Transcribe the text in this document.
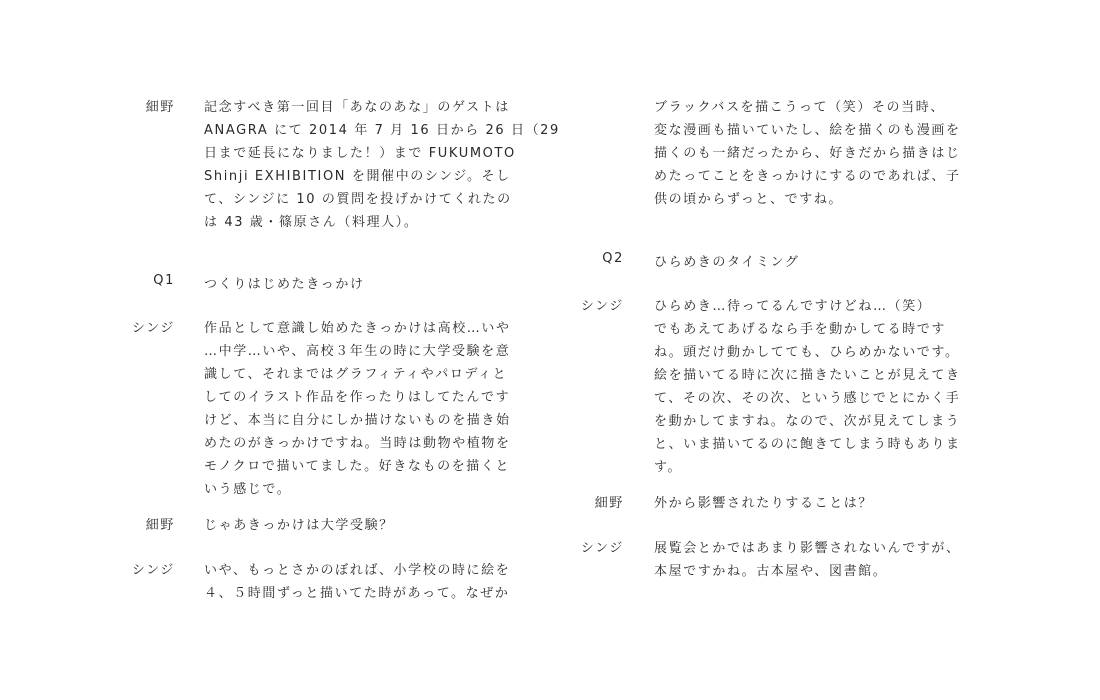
細野 記念すべき第一回目「あなのあな」のゲストは
ANAGRA にて 2014 年 7 月 16 日から 26 日（29
日まで延長になりました！）まで FUKUMOTO
Shinji EXHIBITION を開催中のシンジ。そし
て、シンジに 10 の質問を投げかけてくれたの
は 43 歳・篠原さん（料理人）。
Q1 つくりはじめたきっかけ
シンジ 作品として意識し始めたきっかけは高校…いや
…中学…いや、高校３年生の時に大学受験を意
識して、それまではグラフィティやパロディと
してのイラスト作品を作ったりはしてたんです
けど、本当に自分にしか描けないものを描き始
めたのがきっかけですね。当時は動物や植物を
モノクロで描いてました。好きなものを描くと
いう感じで。
細野 じゃあきっかけは大学受験？
シンジ いや、もっとさかのぼれば、小学校の時に絵を
４、５時間ずっと描いてた時があって。なぜか
ブラックバスを描こうって（笑）その当時、
変な漫画も描いていたし、絵を描くのも漫画を
描くのも一緒だったから、好きだから描きはじ
めたってことをきっかけにするのであれば、子
供の頃からずっと、ですね。
Q2 ひらめきのタイミング
シンジ ひらめき…待ってるんですけどね…（笑）
でもあえてあげるなら手を動かしてる時です
ね。頭だけ動かしてても、ひらめかないです。
絵を描いてる時に次に描きたいことが見えてき
て、その次、その次、という感じでとにかく手
を動かしてますね。なので、次が見えてしまう
と、いま描いてるのに飽きてしまう時もありま
す。
細野 外から影響されたりすることは？
シンジ 展覧会とかではあまり影響されないんですが、
本屋ですかね。古本屋や、図書館。
